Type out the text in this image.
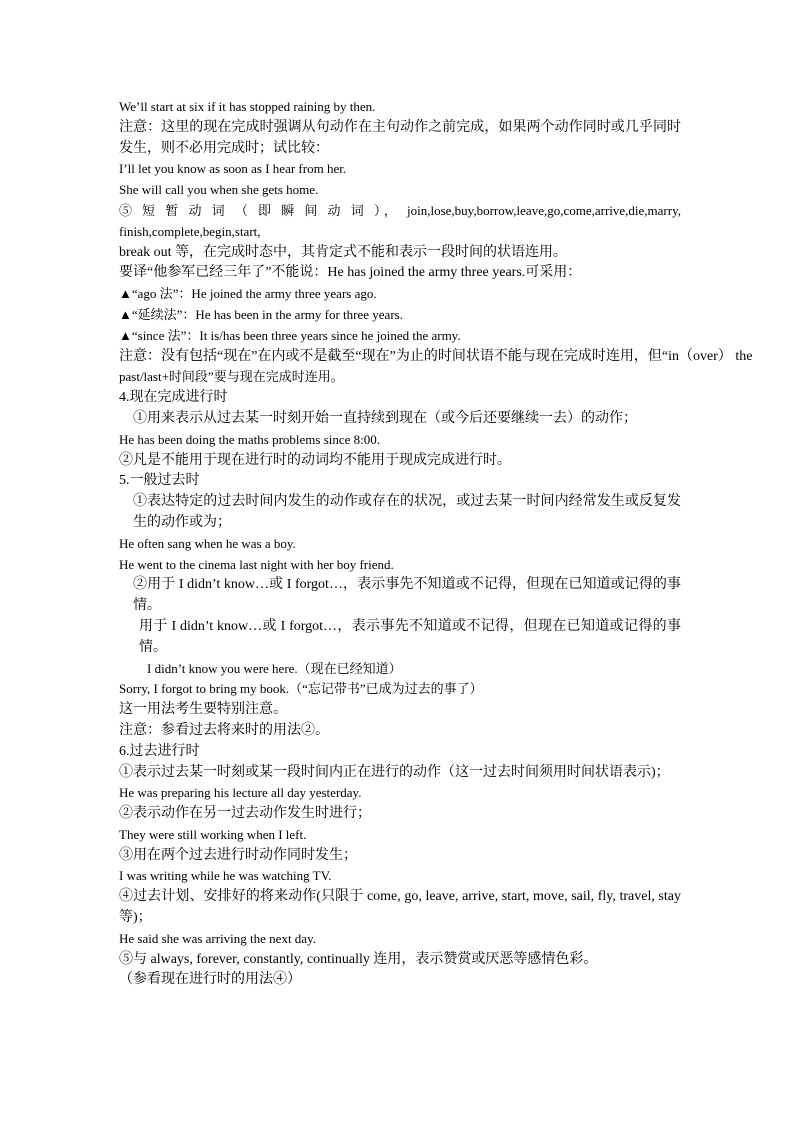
We’ll start at six if it has stopped raining by then.

注意：这里的现在完成时强调从句动作在主句动作之前完成，如果两个动作同时或几乎同时发生，则不必用完成时；试比较：

I’ll let you know as soon as I hear from her.

She will call you when she gets home.

⑤ 短 暂 动 词 （ 即 瞬 间 动 词 ）， join,lose,buy,borrow,leave,go,come,arrive,die,marry, finish,complete,begin,start,

break out 等，在完成时态中，其肯定式不能和表示一段时间的状语连用。

要译“他参军已经三年了”不能说：He has joined the army three years.可采用：

▲“ago 法”：He joined the army three years ago.

▲“延续法”：He has been in the army for three years.

▲“since 法”：It is/has been three years since he joined the army.

注意：没有包括“现在”在内或不是截至“现在”为止的时间状语不能与现在完成时连用，但“in（over） the

past/last+时间段”要与现在完成时连用。

4.现在完成进行时

①用来表示从过去某一时刻开始一直持续到现在（或今后还要继续一去）的动作；

He has been doing the maths problems since 8:00.

②凡是不能用于现在进行时的动词均不能用于现成完成进行时。

5.一般过去时

①表达特定的过去时间内发生的动作或存在的状况，或过去某一时间内经常发生或反复发生的动作或为；

He often sang when he was a boy.

He went to the cinema last night with her boy friend.

②用于 I didn’t know…或 I forgot…，表示事先不知道或不记得，但现在已知道或记得的事情。

用于 I didn’t know…或 I forgot…，表示事先不知道或不记得，但现在已知道或记得的事情。

I didn’t know you were here.（现在已经知道）

Sorry, I forgot to bring my book.（“忘记带书”已成为过去的事了）

这一用法考生要特别注意。

注意：参看过去将来时的用法②。

6.过去进行时

①表示过去某一时刻或某一段时间内正在进行的动作（这一过去时间须用时间状语表示)；

He was preparing his lecture all day yesterday.

②表示动作在另一过去动作发生时进行；

They were still working when I left.

③用在两个过去进行时动作同时发生；

I was writing while he was watching TV.

④过去计划、安排好的将来动作(只限于 come, go, leave, arrive, start, move, sail, fly, travel, stay 等)；

He said she was arriving the next day.

⑤与 always, forever, constantly, continually 连用，表示赞赏或厌恶等感情色彩。

（参看现在进行时的用法④）
